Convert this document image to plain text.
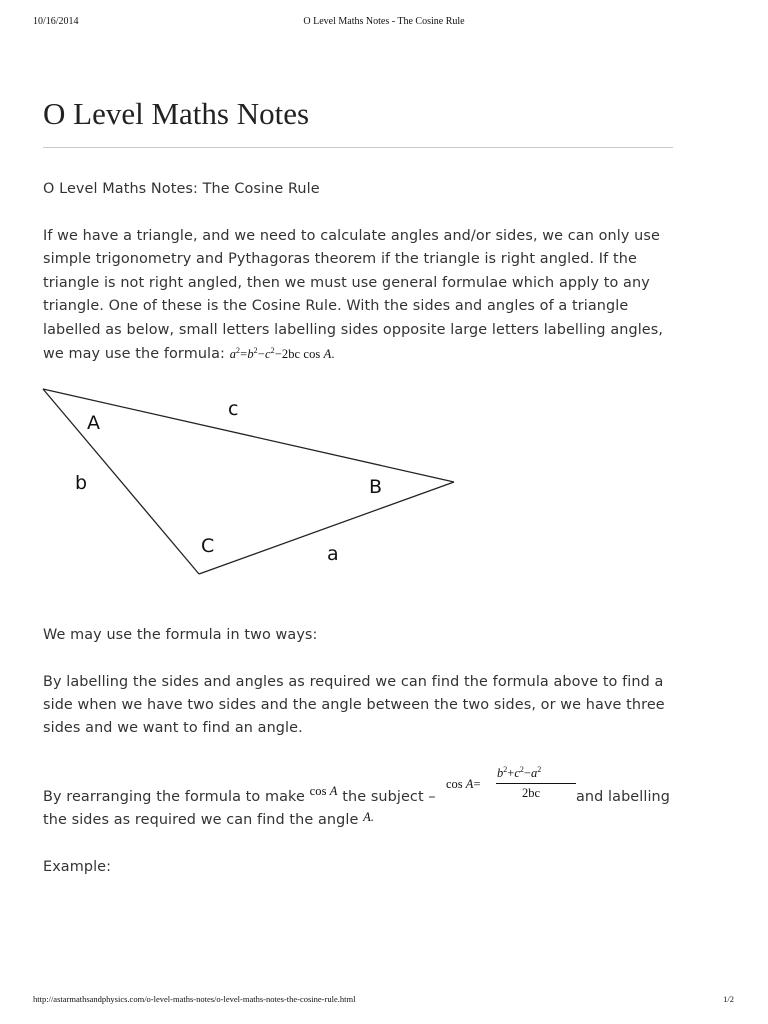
10/16/2014	O Level Maths Notes - The Cosine Rule
O Level Maths Notes

O Level Maths Notes: The Cosine Rule

If we have a triangle, and we need to calculate angles and/or sides, we can only use

simple trigonometry and Pythagoras theorem if the triangle is right angled. If the

triangle is not right angled, then we must use general formulae which apply to any

triangle. One of these is the Cosine Rule. With the sides and angles of a triangle

labelled as below, small letters labelling sides opposite large letters labelling angles,

we may use the formula: $a^2=b^2-c^2-2bc$ cos A.

A
c
b	B
C	a

We may use the formula in two ways:

By labelling the sides and angles as required we can find the formula above to find a

side when we have two sides and the angle between the two sides, or we have three

sides and we want to find an angle.

By rearranging the formula to make cos A the subject –	and labelling

the sides as required we can find the angle A.

cos A=
$b^2+c^2-a^2$
2bc

Example:

http://astarmathsandphysics.com/o-level-maths-notes/o-level-maths-notes-the-cosine-rule.html	1/2
